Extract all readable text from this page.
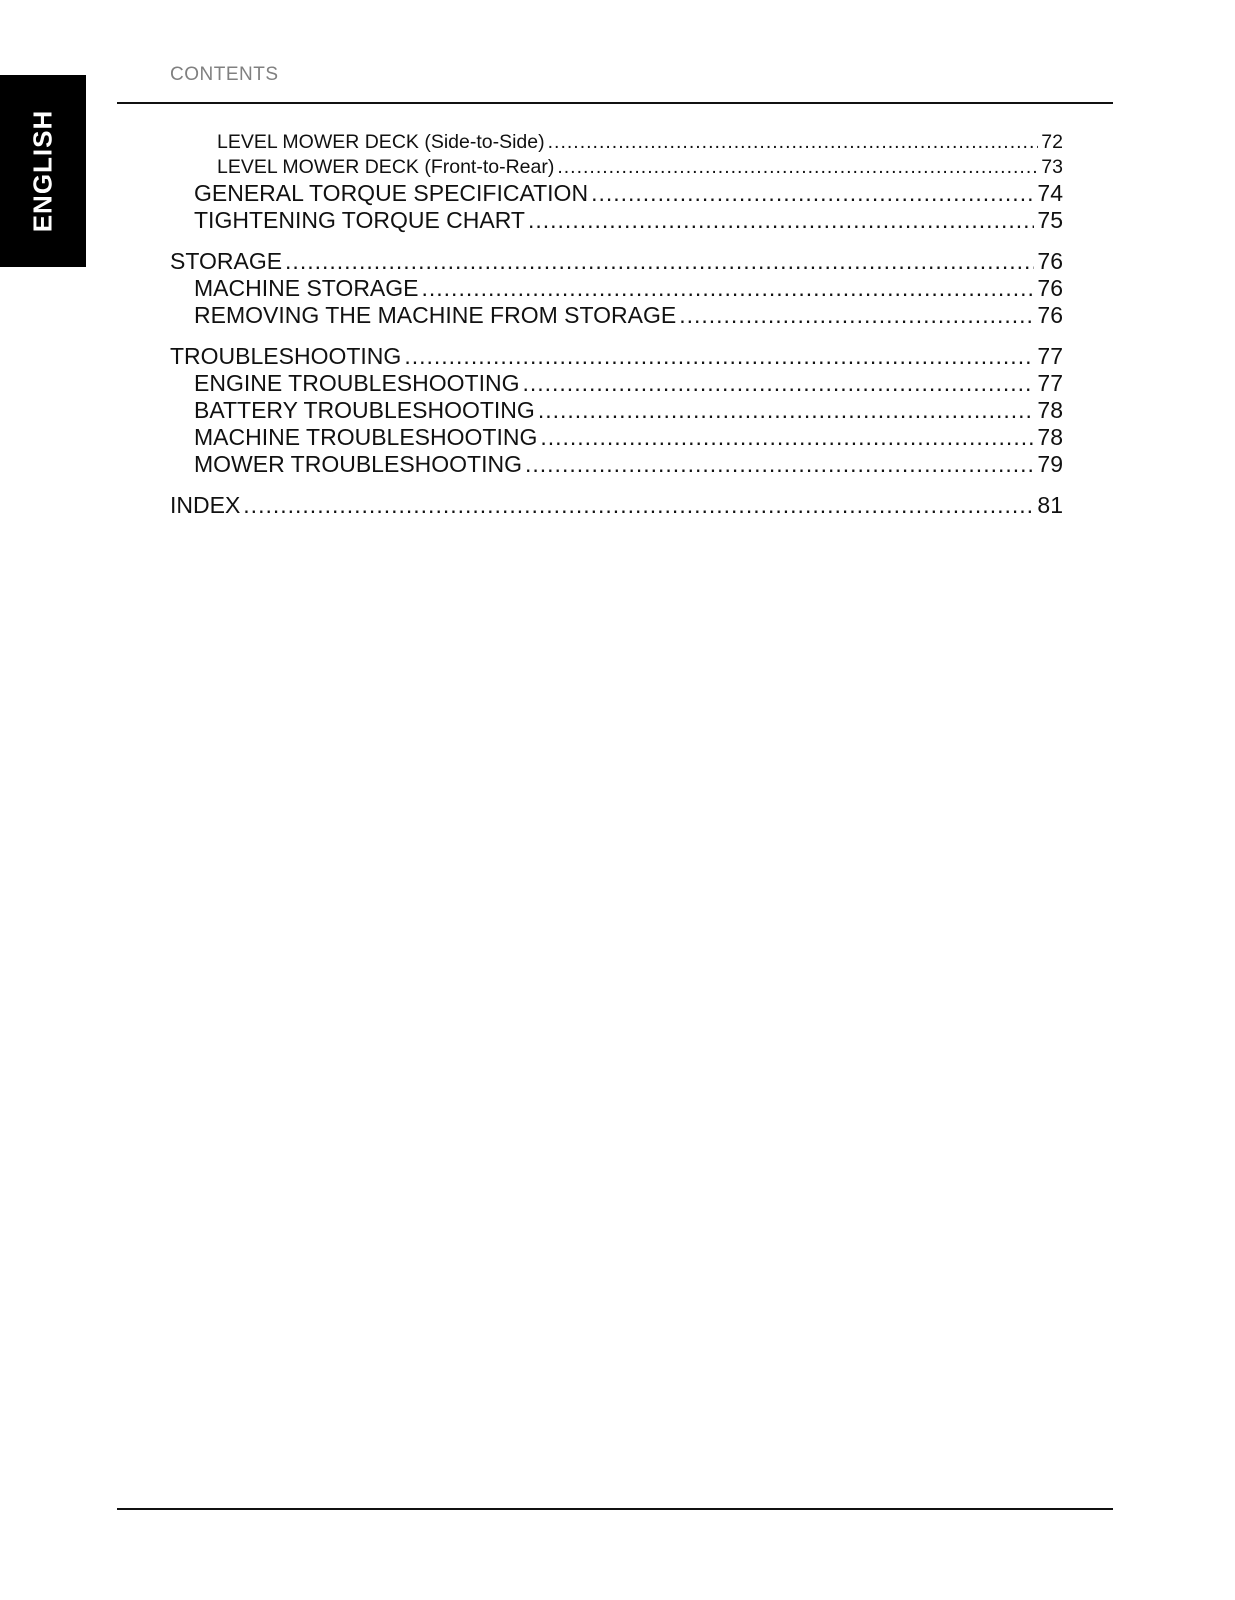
ENGLISH
CONTENTS
LEVEL MOWER DECK (Side-to-Side) .....	72
LEVEL MOWER DECK (Front-to-Rear) .....	73
GENERAL TORQUE SPECIFICATION .....	74
TIGHTENING TORQUE CHART .....	75
STORAGE .....	76
MACHINE STORAGE .....	76
REMOVING THE MACHINE FROM STORAGE .....	76
TROUBLESHOOTING .....	77
ENGINE TROUBLESHOOTING .....	77
BATTERY TROUBLESHOOTING .....	78
MACHINE TROUBLESHOOTING .....	78
MOWER TROUBLESHOOTING .....	79
INDEX .....	81
